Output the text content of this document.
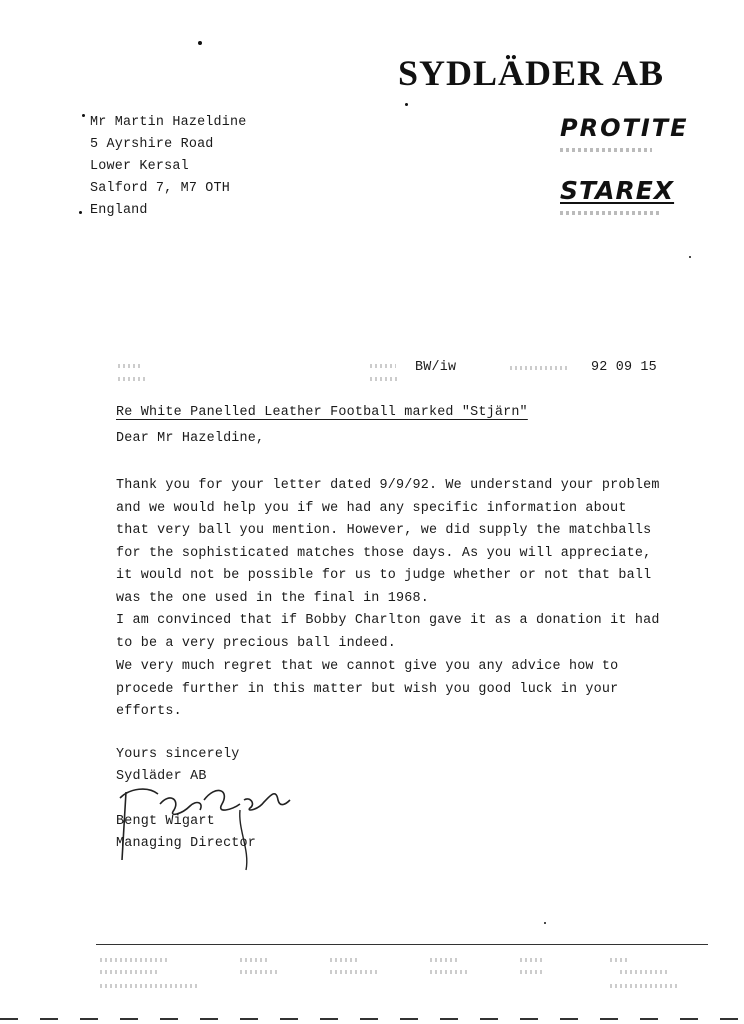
SYDLÄDER AB
PROTITE
STAREX
Mr Martin Hazeldine
5 Ayrshire Road
Lower Kersal
Salford 7, M7 OTH
England
BW/iw	92 09 15
Re White Panelled Leather Football marked "Stjärn"
Dear Mr Hazeldine,
Thank you for your letter dated 9/9/92. We understand your problem
and we would help you if we had any specific information about
that very ball you mention. However, we did supply the matchballs
for the sophisticated matches those days. As you will appreciate,
it would not be possible for us to judge whether or not that ball
was the one used in the final in 1968.
I am convinced that if Bobby Charlton gave it as a donation it had
to be a very precious ball indeed.
We very much regret that we cannot give you any advice how to
procede further in this matter but wish you good luck in your
efforts.
Yours sincerely
Sydläder AB
Bengt Wigart
Managing Director
